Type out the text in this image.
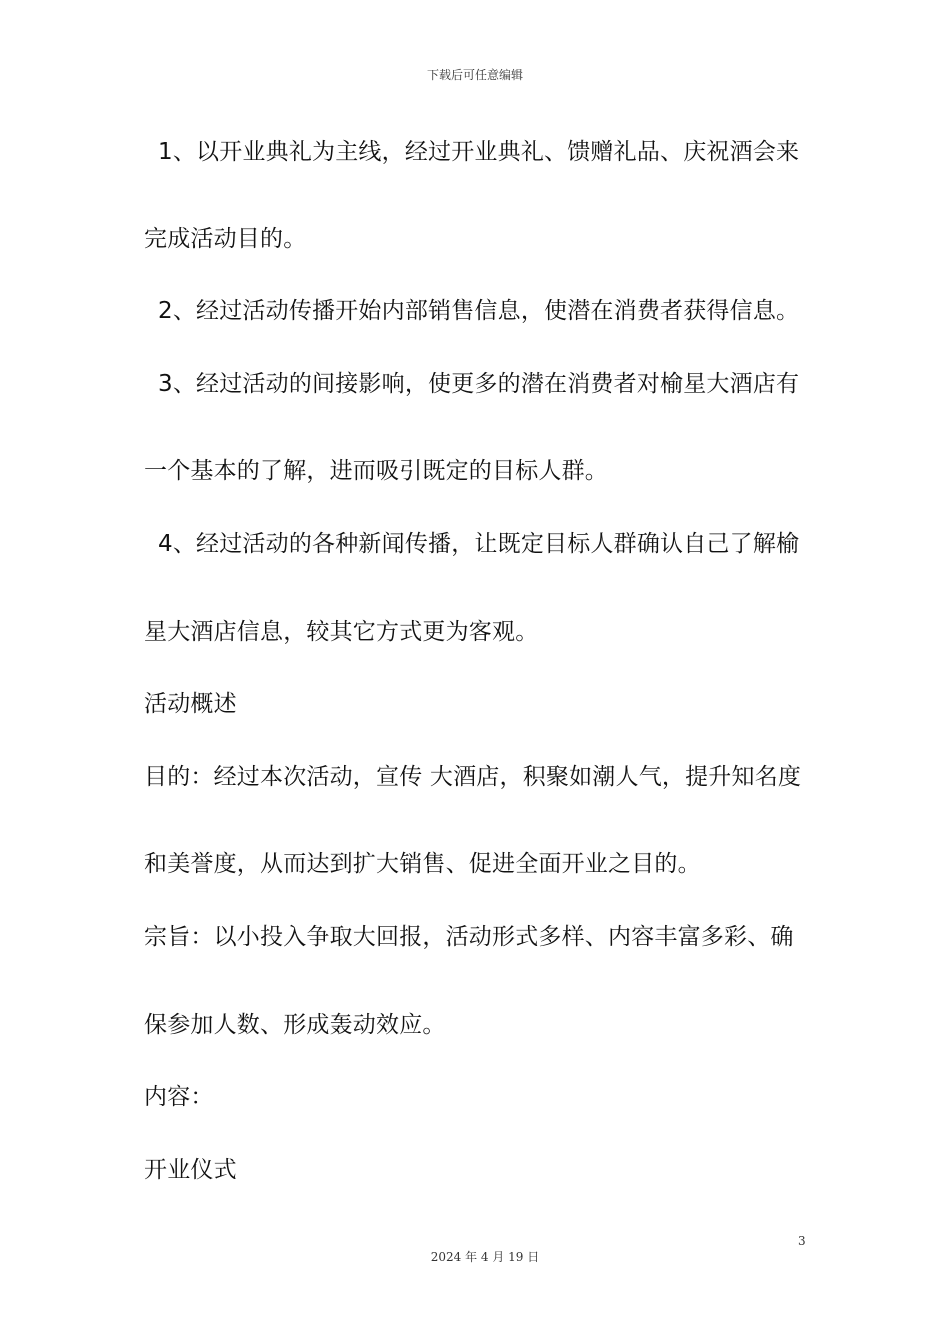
下载后可任意编辑
1、以开业典礼为主线，经过开业典礼、馈赠礼品、庆祝酒会来
完成活动目的。
2、经过活动传播开始内部销售信息，使潜在消费者获得信息。
3、经过活动的间接影响，使更多的潜在消费者对榆星大酒店有
一个基本的了解，进而吸引既定的目标人群。
4、经过活动的各种新闻传播，让既定目标人群确认自己了解榆
星大酒店信息，较其它方式更为客观。
活动概述
目的：经过本次活动，宣传 大酒店，积聚如潮人气，提升知名度
和美誉度，从而达到扩大销售、促进全面开业之目的。
宗旨：以小投入争取大回报，活动形式多样、内容丰富多彩、确
保参加人数、形成轰动效应。
内容：
开业仪式
3
2024 年 4 月 19 日
